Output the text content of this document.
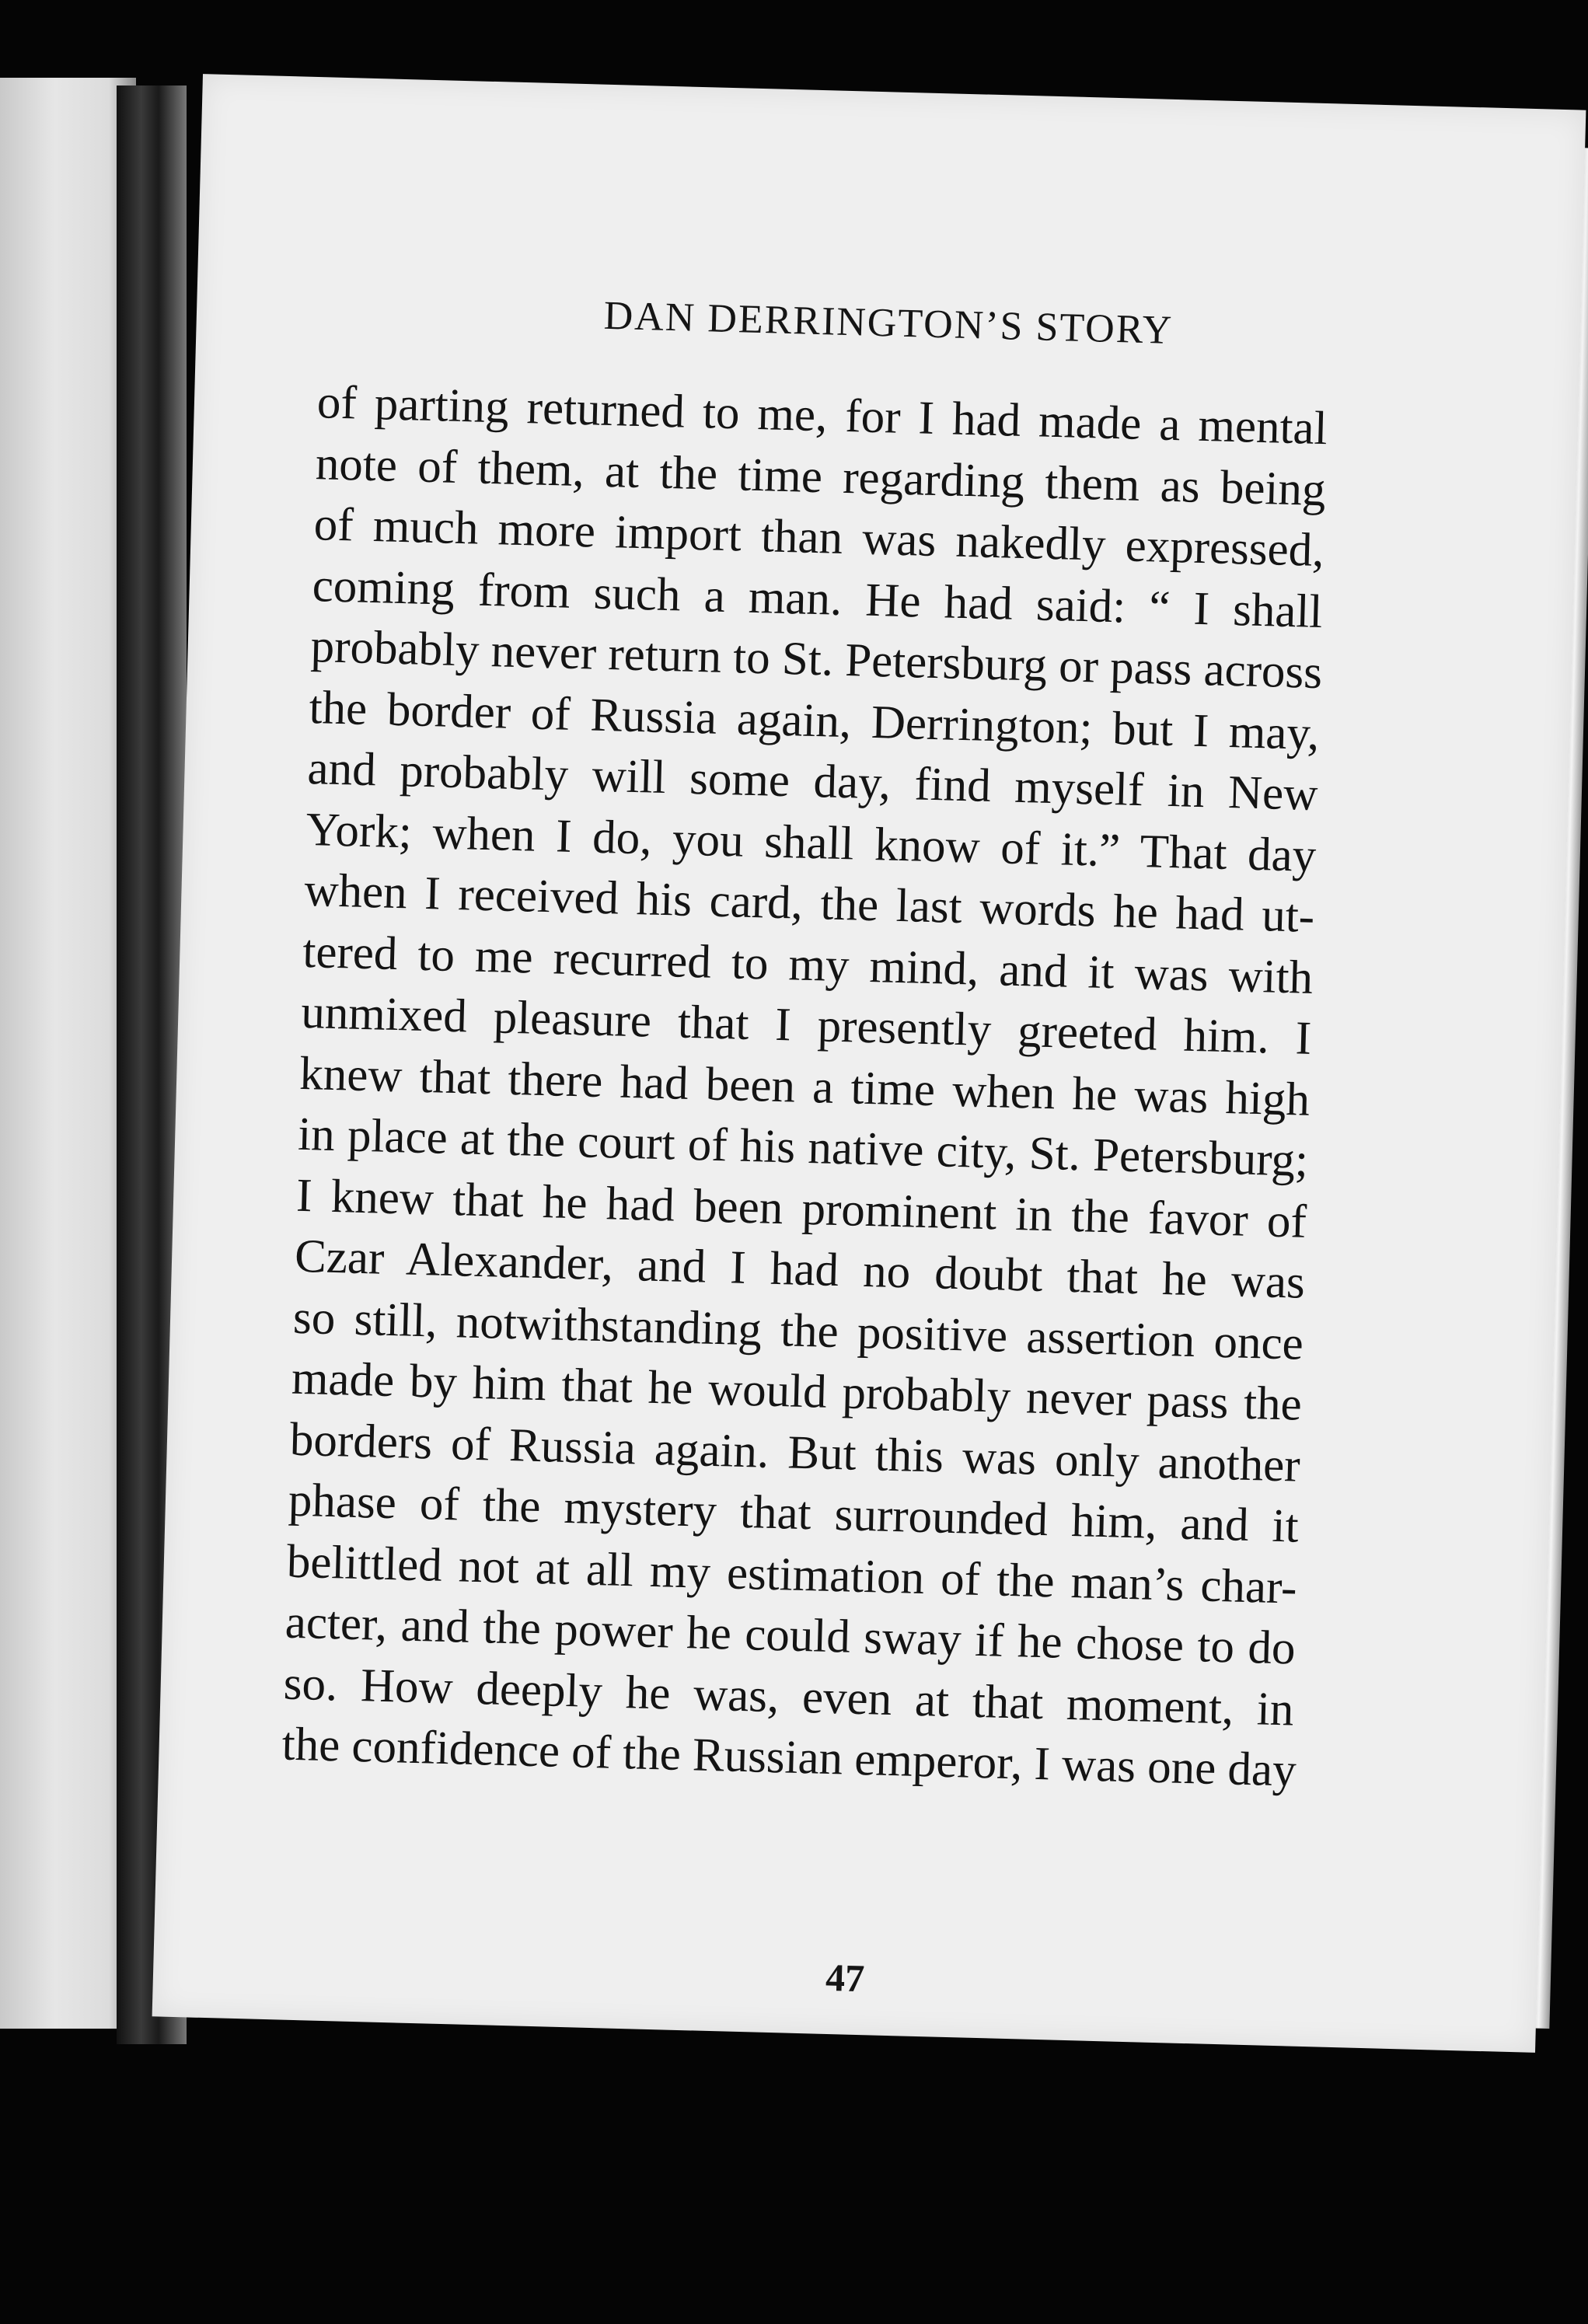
DAN DERRINGTON’S STORY
of parting returned to me, for I had made a mental
note of them, at the time regarding them as being
of much more import than was nakedly expressed,
coming from such a man. He had said: “ I shall
probably never return to St. Petersburg or pass across
the border of Russia again, Derrington; but I may,
and probably will some day, find myself in New
York; when I do, you shall know of it.” That day
when I received his card, the last words he had ut-
tered to me recurred to my mind, and it was with
unmixed pleasure that I presently greeted him. I
knew that there had been a time when he was high
in place at the court of his native city, St. Petersburg;
I knew that he had been prominent in the favor of
Czar Alexander, and I had no doubt that he was
so still, notwithstanding the positive assertion once
made by him that he would probably never pass the
borders of Russia again. But this was only another
phase of the mystery that surrounded him, and it
belittled not at all my estimation of the man’s char-
acter, and the power he could sway if he chose to do
so. How deeply he was, even at that moment, in
the confidence of the Russian emperor, I was one day
47
